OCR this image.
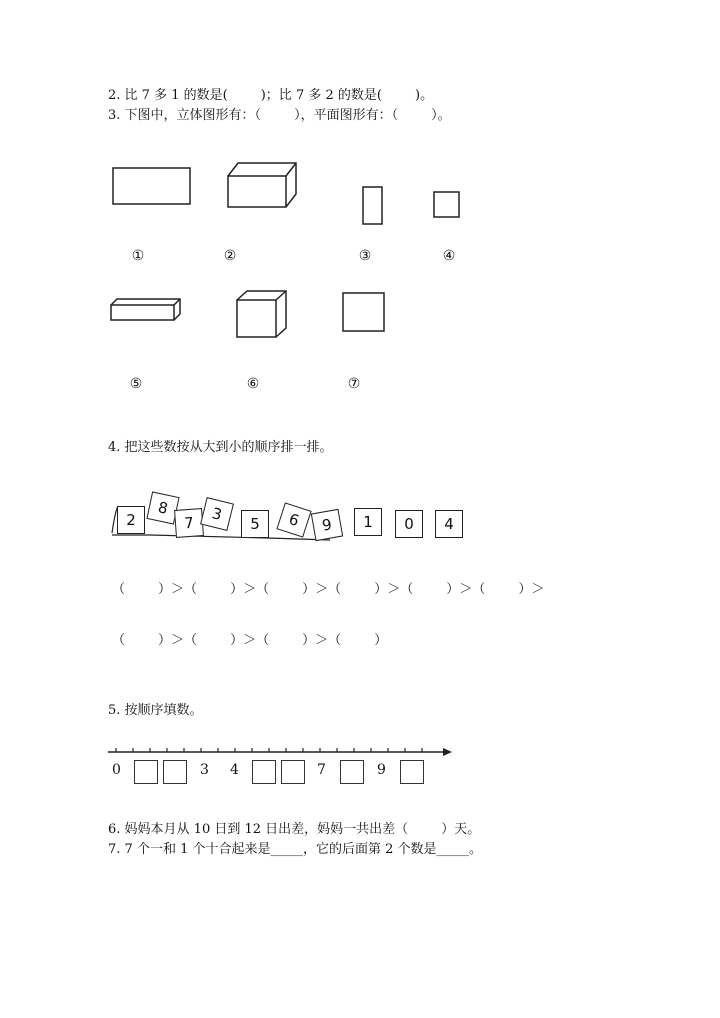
2. 比 7 多 1 的数是(        )；比 7 多 2 的数是(        )。
3. 下图中，立体图形有：（        ），平面图形有：（        ）。
①	②	③	④
⑤	⑥	⑦
4. 把这些数按从大到小的顺序排一排。
2
8
7	3
5	6	9	1	0	4
（        ）＞（        ）＞（        ）＞（        ）＞（        ）＞（        ）＞
（        ）＞（        ）＞（        ）＞（        ）
5. 按顺序填数。
0	3 4	7	9
6. 妈妈本月从 10 日到 12 日出差，妈妈一共出差（        ）天。
7. 7 个一和 1 个十合起来是_____，它的后面第 2 个数是_____。
